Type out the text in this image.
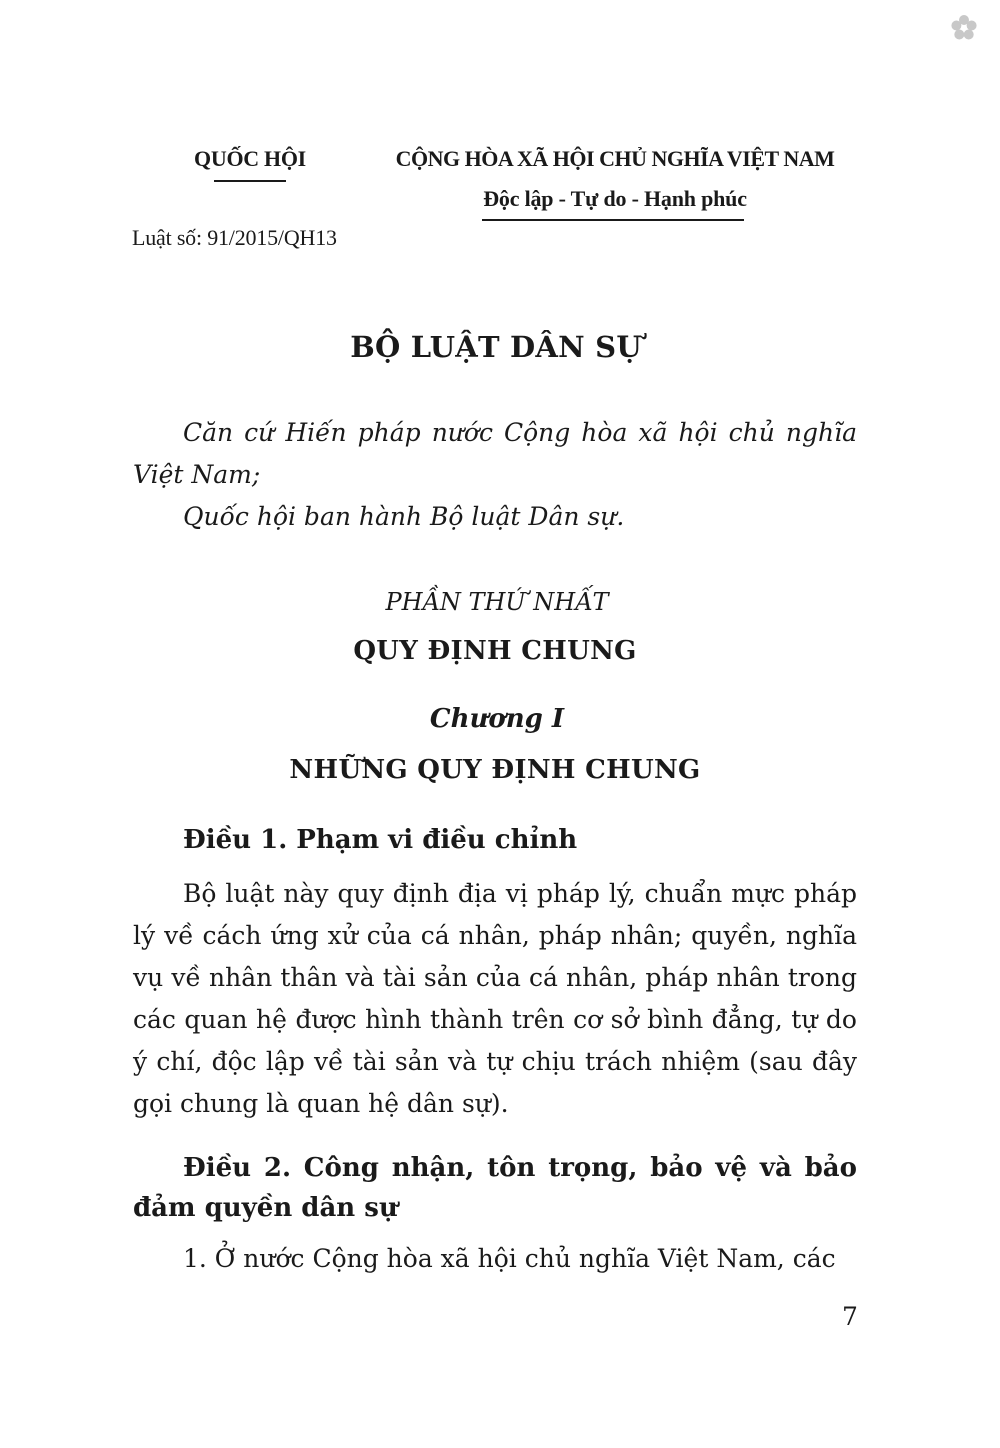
QUỐC HỘI	CỘNG HÒA XÃ HỘI CHỦ NGHĨA VIỆT NAM
Độc lập - Tự do - Hạnh phúc
Luật số: 91/2015/QH13
BỘ LUẬT DÂN SỰ

Căn cứ Hiến pháp nước Cộng hòa xã hội chủ nghĩa Việt Nam;

Quốc hội ban hành Bộ luật Dân sự.

PHẦN THỨ NHẤT
QUY ĐỊNH CHUNG
Chương I
NHỮNG QUY ĐỊNH CHUNG
Điều 1. Phạm vi điều chỉnh

Bộ luật này quy định địa vị pháp lý, chuẩn mực pháp lý về cách ứng xử của cá nhân, pháp nhân; quyền, nghĩa vụ về nhân thân và tài sản của cá nhân, pháp nhân trong các quan hệ được hình thành trên cơ sở bình đẳng, tự do ý chí, độc lập về tài sản và tự chịu trách nhiệm (sau đây gọi chung là quan hệ dân sự).

Điều 2. Công nhận, tôn trọng, bảo vệ và bảo đảm quyền dân sự

1. Ở nước Cộng hòa xã hội chủ nghĩa Việt Nam, các

7
